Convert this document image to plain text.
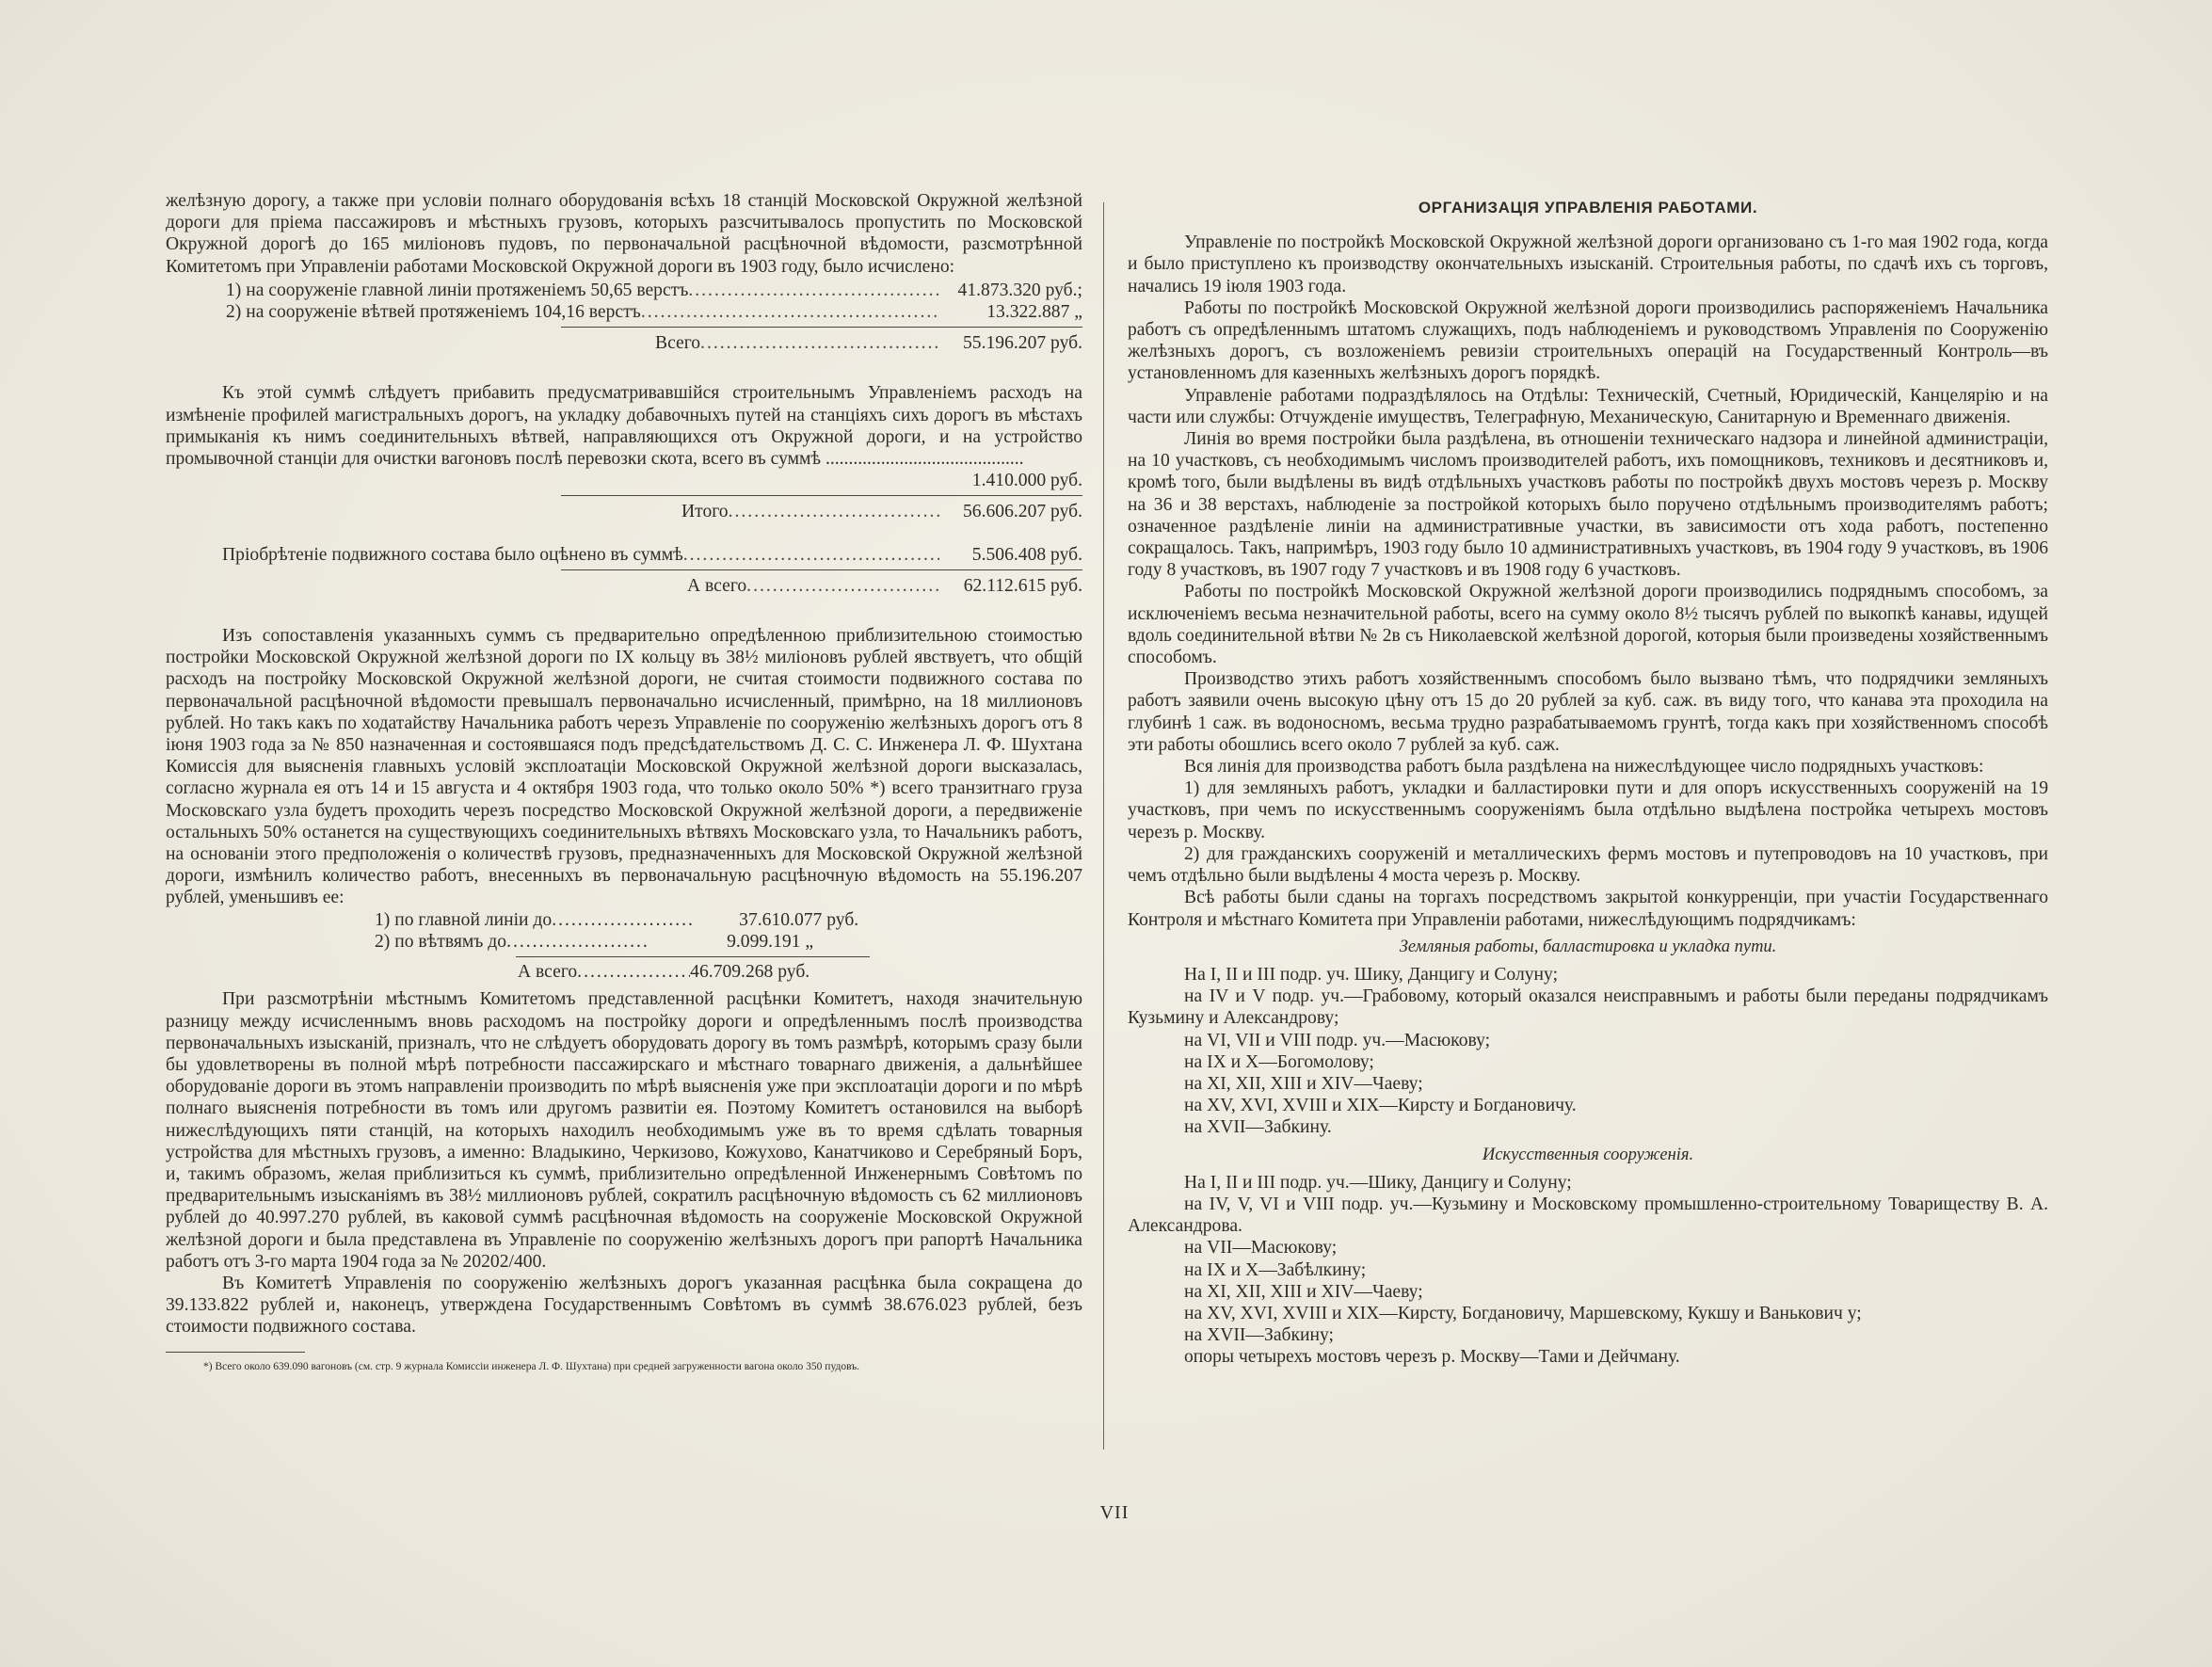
желѣзную дорогу, а также при условіи полнаго оборудованія всѣхъ 18 станцій Московской Окружной желѣзной дороги для пріема пассажировъ и мѣстныхъ грузовъ, которыхъ разсчитывалось пропустить по Московской Окружной дорогѣ до 165 миліоновъ пудовъ, по первоначальной расцѣночной вѣдомости, разсмотрѣнной Комитетомъ при Управленіи работами Московской Окружной дороги въ 1903 году, было исчислено:

1) на сооруженіе главной линіи протяженіемъ 50,65 верстъ .....	41.873.320 руб.;
2) на сооруженіе вѣтвей протяженіемъ 104,16 верстъ .....	13.322.887 „
Всего .....	55.196.207 руб.

Къ этой суммѣ слѣдуетъ прибавить предусматривавшійся строительнымъ Управленіемъ расходъ на измѣненіе профилей магистральныхъ дорогъ, на укладку добавочныхъ путей на станціяхъ сихъ дорогъ въ мѣстахъ примыканія къ нимъ соединительныхъ вѣтвей, направляющихся отъ Окружной дороги, и на устройство промывочной станціи для очистки вагоновъ послѣ перевозки скота, всего въ суммѣ ...........................................
1.410.000 руб.

Итого .....	56.606.207 руб.
Пріобрѣтеніе подвижного состава было оцѣнено въ суммѣ .....	5.506.408 руб.
А всего .....	62.112.615 руб.

Изъ сопоставленія указанныхъ суммъ съ предварительно опредѣленною приблизительною стоимостью постройки Московской Окружной желѣзной дороги по IX кольцу въ 38½ миліоновъ рублей явствуетъ, что общій расходъ на постройку Московской Окружной желѣзной дороги, не считая стоимости подвижного состава по первоначальной расцѣночной вѣдомости превышалъ первоначально исчисленный, примѣрно, на 18 миллионовъ рублей. Но такъ какъ по ходатайству Начальника работъ черезъ Управленіе по сооруженію желѣзныхъ дорогъ отъ 8 іюня 1903 года за № 850 назначенная и состоявшаяся подъ предсѣдательствомъ Д. С. С. Инженера Л. Ф. Шухтана Комиссія для выясненія главныхъ условій эксплоатаціи Московской Окружной желѣзной дороги высказалась, согласно журнала ея отъ 14 и 15 августа и 4 октября 1903 года, что только около 50% *) всего транзитнаго груза Московскаго узла будетъ проходить черезъ посредство Московской Окружной желѣзной дороги, а передвиженіе остальныхъ 50% останется на существующихъ соединительныхъ вѣтвяхъ Московскаго узла, то Начальникъ работъ, на основаніи этого предположенія о количествѣ грузовъ, предназначенныхъ для Московской Окружной желѣзной дороги, измѣнилъ количество работъ, внесенныхъ въ первоначальную расцѣночную вѣдомость на 55.196.207 рублей, уменьшивъ ее:

1) по главной линіи до .....	37.610.077 руб.
2) по вѣтвямъ до .....	9.099.191 „
А всего .....	46.709.268 руб.

При разсмотрѣніи мѣстнымъ Комитетомъ представленной расцѣнки Комитетъ, находя значительную разницу между исчисленнымъ вновь расходомъ на постройку дороги и опредѣленнымъ послѣ производства первоначальныхъ изысканій, призналъ, что не слѣдуетъ оборудовать дорогу въ томъ размѣрѣ, которымъ сразу были бы удовлетворены въ полной мѣрѣ потребности пассажирскаго и мѣстнаго товарнаго движенія, а дальнѣйшее оборудованіе дороги въ этомъ направленіи производить по мѣрѣ выясненія уже при эксплоатаціи дороги и по мѣрѣ полнаго выясненія потребности въ томъ или другомъ развитіи ея. Поэтому Комитетъ остановился на выборѣ нижеслѣдующихъ пяти станцій, на которыхъ находилъ необходимымъ уже въ то время сдѣлать товарныя устройства для мѣстныхъ грузовъ, а именно: Владыкино, Черкизово, Кожухово, Канатчиково и Серебряный Боръ, и, такимъ образомъ, желая приблизиться къ суммѣ, приблизительно опредѣленной Инженернымъ Совѣтомъ по предварительнымъ изысканіямъ въ 38½ миллионовъ рублей, сократилъ расцѣночную вѣдомость съ 62 миллионовъ рублей до 40.997.270 рублей, въ каковой суммѣ расцѣночная вѣдомость на сооруженіе Московской Окружной желѣзной дороги и была представлена въ Управленіе по сооруженію желѣзныхъ дорогъ при рапортѣ Начальника работъ отъ 3-го марта 1904 года за № 20202/400.

Въ Комитетѣ Управленія по сооруженію желѣзныхъ дорогъ указанная расцѣнка была сокращена до 39.133.822 рублей и, наконецъ, утверждена Государственнымъ Совѣтомъ въ суммѣ 38.676.023 рублей, безъ стоимости подвижного состава.

*) Всего около 639.090 вагоновъ (см. стр. 9 журнала Комиссіи инженера Л. Ф. Шухтана) при средней загруженности вагона около 350 пудовъ.

ОРГАНИЗАЦІЯ УПРАВЛЕНІЯ РАБОТАМИ.

Управленіе по постройкѣ Московской Окружной желѣзной дороги организовано съ 1-го мая 1902 года, когда и было приступлено къ производству окончательныхъ изысканій. Строительныя работы, по сдачѣ ихъ съ торговъ, начались 19 іюля 1903 года.

Работы по постройкѣ Московской Окружной желѣзной дороги производились распоряженіемъ Начальника работъ съ опредѣленнымъ штатомъ служащихъ, подъ наблюденіемъ и руководствомъ Управленія по Сооруженію желѣзныхъ дорогъ, съ возложеніемъ ревизіи строительныхъ операцій на Государственный Контроль—въ установленномъ для казенныхъ желѣзныхъ дорогъ порядкѣ.

Управленіе работами подраздѣлялось на Отдѣлы: Техническій, Счетный, Юридическій, Канцелярію и на части или службы: Отчужденіе имуществъ, Телеграфную, Механическую, Санитарную и Временнаго движенія.

Линія во время постройки была раздѣлена, въ отношеніи техническаго надзора и линейной администраціи, на 10 участковъ, съ необходимымъ числомъ производителей работъ, ихъ помощниковъ, техниковъ и десятниковъ и, кромѣ того, были выдѣлены въ видѣ отдѣльныхъ участковъ работы по постройкѣ двухъ мостовъ черезъ р. Москву на 36 и 38 верстахъ, наблюденіе за постройкой которыхъ было поручено отдѣльнымъ производителямъ работъ; означенное раздѣленіе линіи на административные участки, въ зависимости отъ хода работъ, постепенно сокращалось. Такъ, напримѣръ, 1903 году было 10 административныхъ участковъ, въ 1904 году 9 участковъ, въ 1906 году 8 участковъ, въ 1907 году 7 участковъ и въ 1908 году 6 участковъ.

Работы по постройкѣ Московской Окружной желѣзной дороги производились подряднымъ способомъ, за исключеніемъ весьма незначительной работы, всего на сумму около 8½ тысячъ рублей по выкопкѣ канавы, идущей вдоль соединительной вѣтви № 2в съ Николаевской желѣзной дорогой, которыя были произведены хозяйственнымъ способомъ.

Производство этихъ работъ хозяйственнымъ способомъ было вызвано тѣмъ, что подрядчики земляныхъ работъ заявили очень высокую цѣну отъ 15 до 20 рублей за куб. саж. въ виду того, что канава эта проходила на глубинѣ 1 саж. въ водоносномъ, весьма трудно разрабатываемомъ грунтѣ, тогда какъ при хозяйственномъ способѣ эти работы обошлись всего около 7 рублей за куб. саж.

Вся линія для производства работъ была раздѣлена на нижеслѣдующее число подрядныхъ участковъ:

1) для земляныхъ работъ, укладки и балластировки пути и для опоръ искусственныхъ сооруженій на 19 участковъ, при чемъ по искусственнымъ сооруженіямъ была отдѣльно выдѣлена постройка четырехъ мостовъ черезъ р. Москву.

2) для гражданскихъ сооруженій и металлическихъ фермъ мостовъ и путепроводовъ на 10 участковъ, при чемъ отдѣльно были выдѣлены 4 моста черезъ р. Москву.

Всѣ работы были сданы на торгахъ посредствомъ закрытой конкурренціи, при участіи Государственнаго Контроля и мѣстнаго Комитета при Управленіи работами, нижеслѣдующимъ подрядчикамъ:

Земляныя работы, балластировка и укладка пути.

На I, II и III подр. уч. Шику, Данцигу и Солуну;

на IV и V подр. уч.—Грабовому, который оказался неисправнымъ и работы были переданы подрядчикамъ Кузьмину и Александрову;

на VI, VII и VIII подр. уч.—Масюкову;

на IX и X—Богомолову;

на XI, XII, XIII и XIV—Чаеву;

на XV, XVI, XVIII и XIX—Кирсту и Богдановичу.

на XVII—Забкину.

Искусственныя сооруженія.

На I, II и III подр. уч.—Шику, Данцигу и Солуну;

на IV, V, VI и VIII подр. уч.—Кузьмину и Московскому промышленно-строительному Товариществу В. А. Александрова.

на VII—Масюкову;

на IX и X—Забѣлкину;

на XI, XII, XIII и XIV—Чаеву;

на XV, XVI, XVIII и XIX—Кирсту, Богдановичу, Маршевскому, Кукшу и Ванькович у;

на XVII—Забкину;

опоры четырехъ мостовъ черезъ р. Москву—Тами и Дейчману.

VII
